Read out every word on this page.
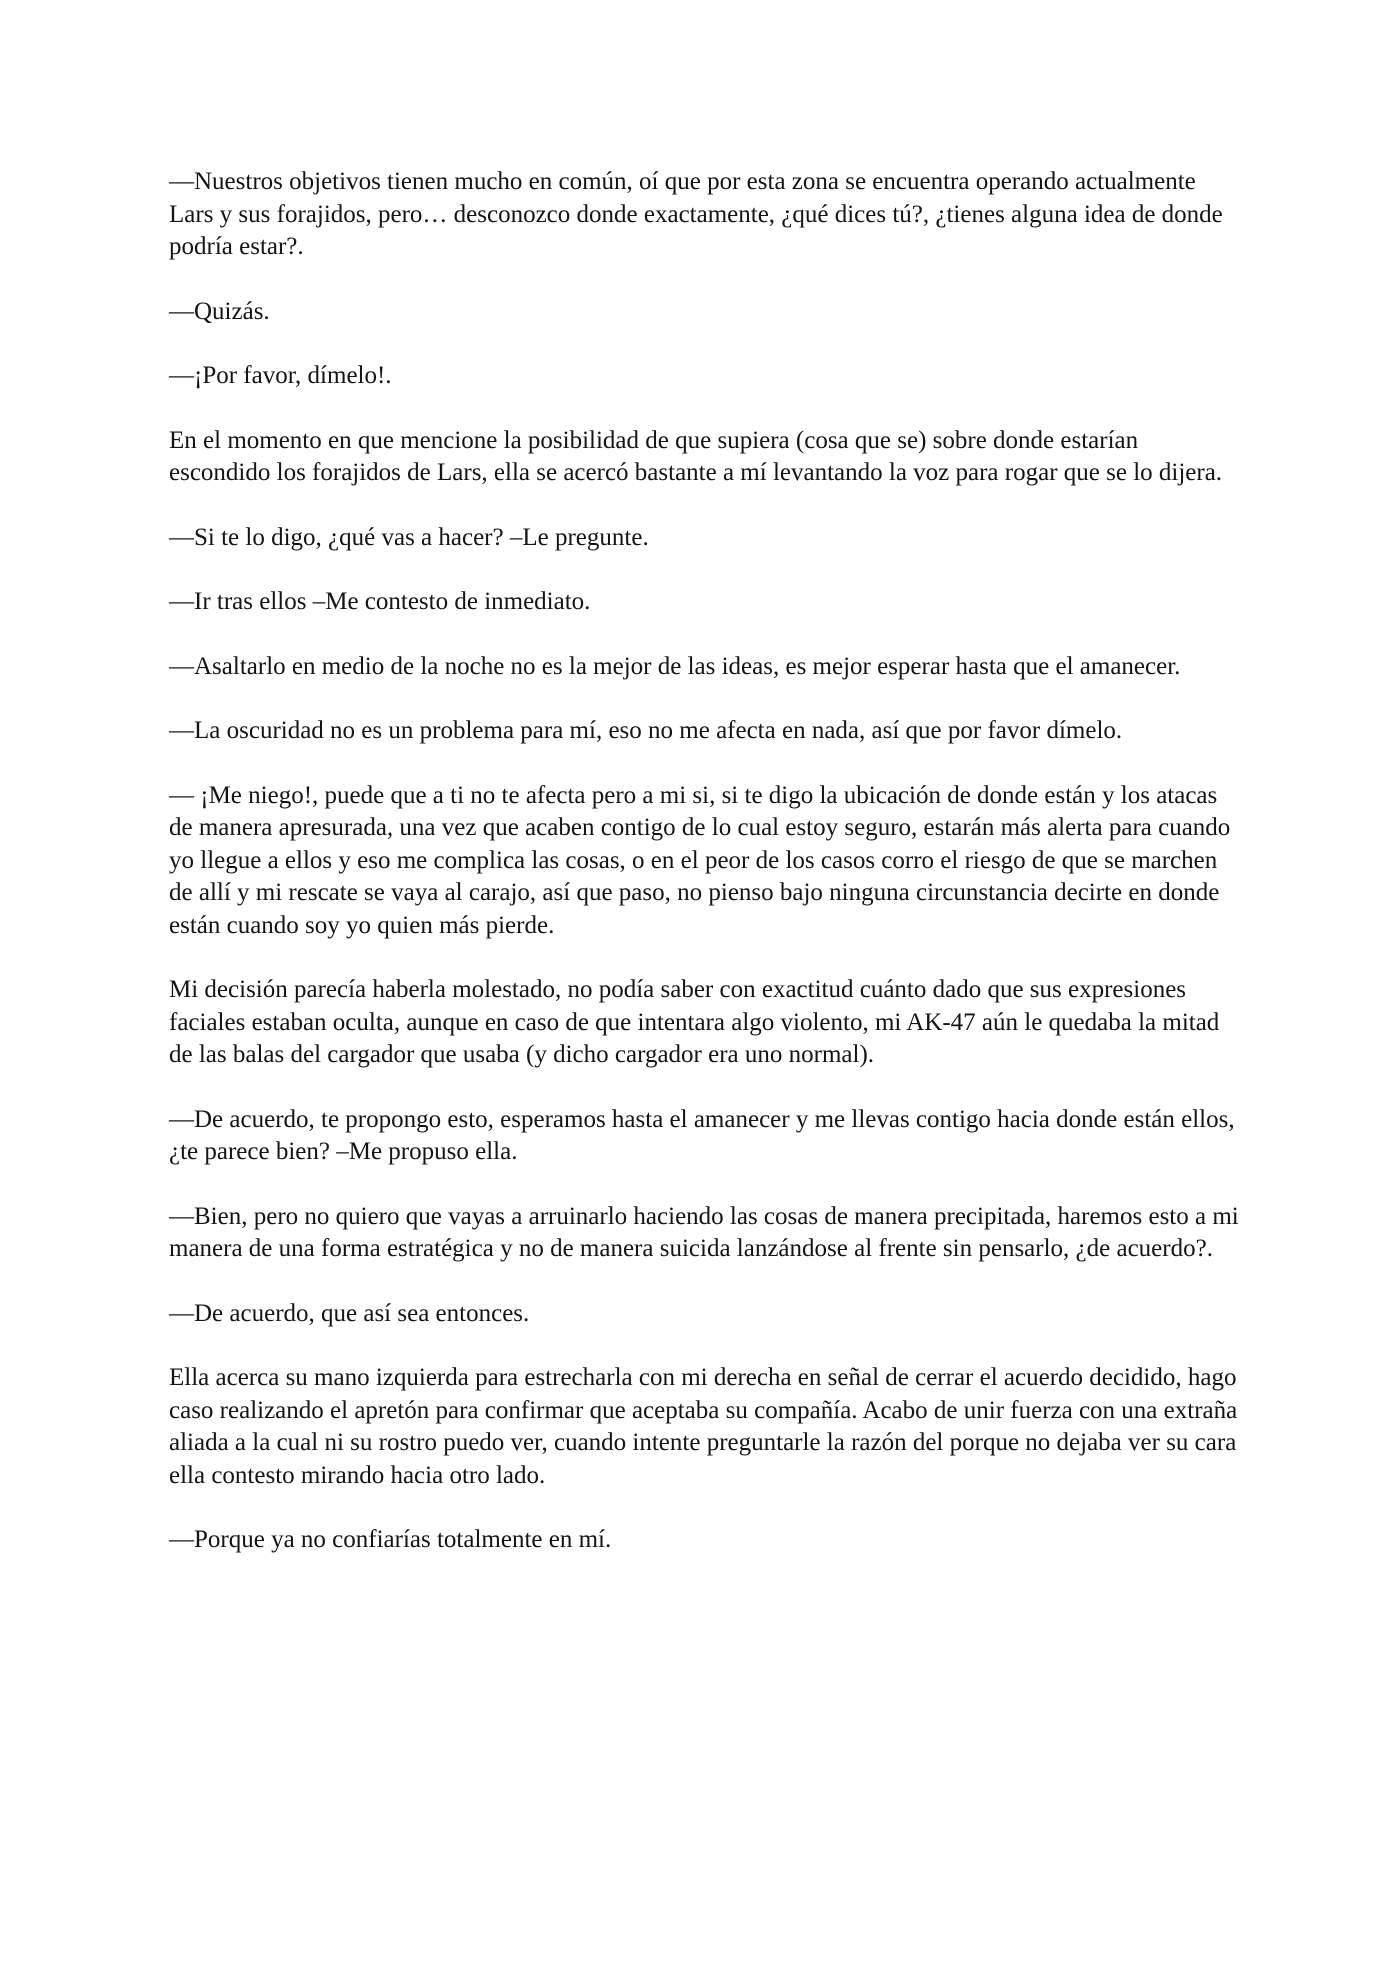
—Nuestros objetivos tienen mucho en común, oí que por esta zona se encuentra operando actualmente Lars y sus forajidos, pero… desconozco donde exactamente, ¿qué dices tú?, ¿tienes alguna idea de donde podría estar?.

—Quizás.

—¡Por favor, dímelo!.

En el momento en que mencione la posibilidad de que supiera (cosa que se) sobre donde estarían escondido los forajidos de Lars, ella se acercó bastante a mí levantando la voz para rogar que se lo dijera.

—Si te lo digo, ¿qué vas a hacer? –Le pregunte.

—Ir tras ellos –Me contesto de inmediato.

—Asaltarlo en medio de la noche no es la mejor de las ideas, es mejor esperar hasta que el amanecer.

—La oscuridad no es un problema para mí, eso no me afecta en nada, así que por favor dímelo.

— ¡Me niego!, puede que a ti no te afecta pero a mi si, si te digo la ubicación de donde están y los atacas de manera apresurada, una vez que acaben contigo de lo cual estoy seguro, estarán más alerta para cuando yo llegue a ellos y eso me complica las cosas, o en el peor de los casos corro el riesgo de que se marchen de allí y mi rescate se vaya al carajo, así que paso, no pienso bajo ninguna circunstancia decirte en donde están cuando soy yo quien más pierde.

Mi decisión parecía haberla molestado, no podía saber con exactitud cuánto dado que sus expresiones faciales estaban oculta, aunque en caso de que intentara algo violento, mi AK-47 aún le quedaba la mitad de las balas del cargador que usaba (y dicho cargador era uno normal).

—De acuerdo, te propongo esto, esperamos hasta el amanecer y me llevas contigo hacia donde están ellos, ¿te parece bien? –Me propuso ella.

—Bien, pero no quiero que vayas a arruinarlo haciendo las cosas de manera precipitada, haremos esto a mi manera de una forma estratégica y no de manera suicida lanzándose al frente sin pensarlo, ¿de acuerdo?.

—De acuerdo, que así sea entonces.

Ella acerca su mano izquierda para estrecharla con mi derecha en señal de cerrar el acuerdo decidido, hago caso realizando el apretón para confirmar que aceptaba su compañía. Acabo de unir fuerza con una extraña aliada a la cual ni su rostro puedo ver, cuando intente preguntarle la razón del porque no dejaba ver su cara ella contesto mirando hacia otro lado.

—Porque ya no confiarías totalmente en mí.
